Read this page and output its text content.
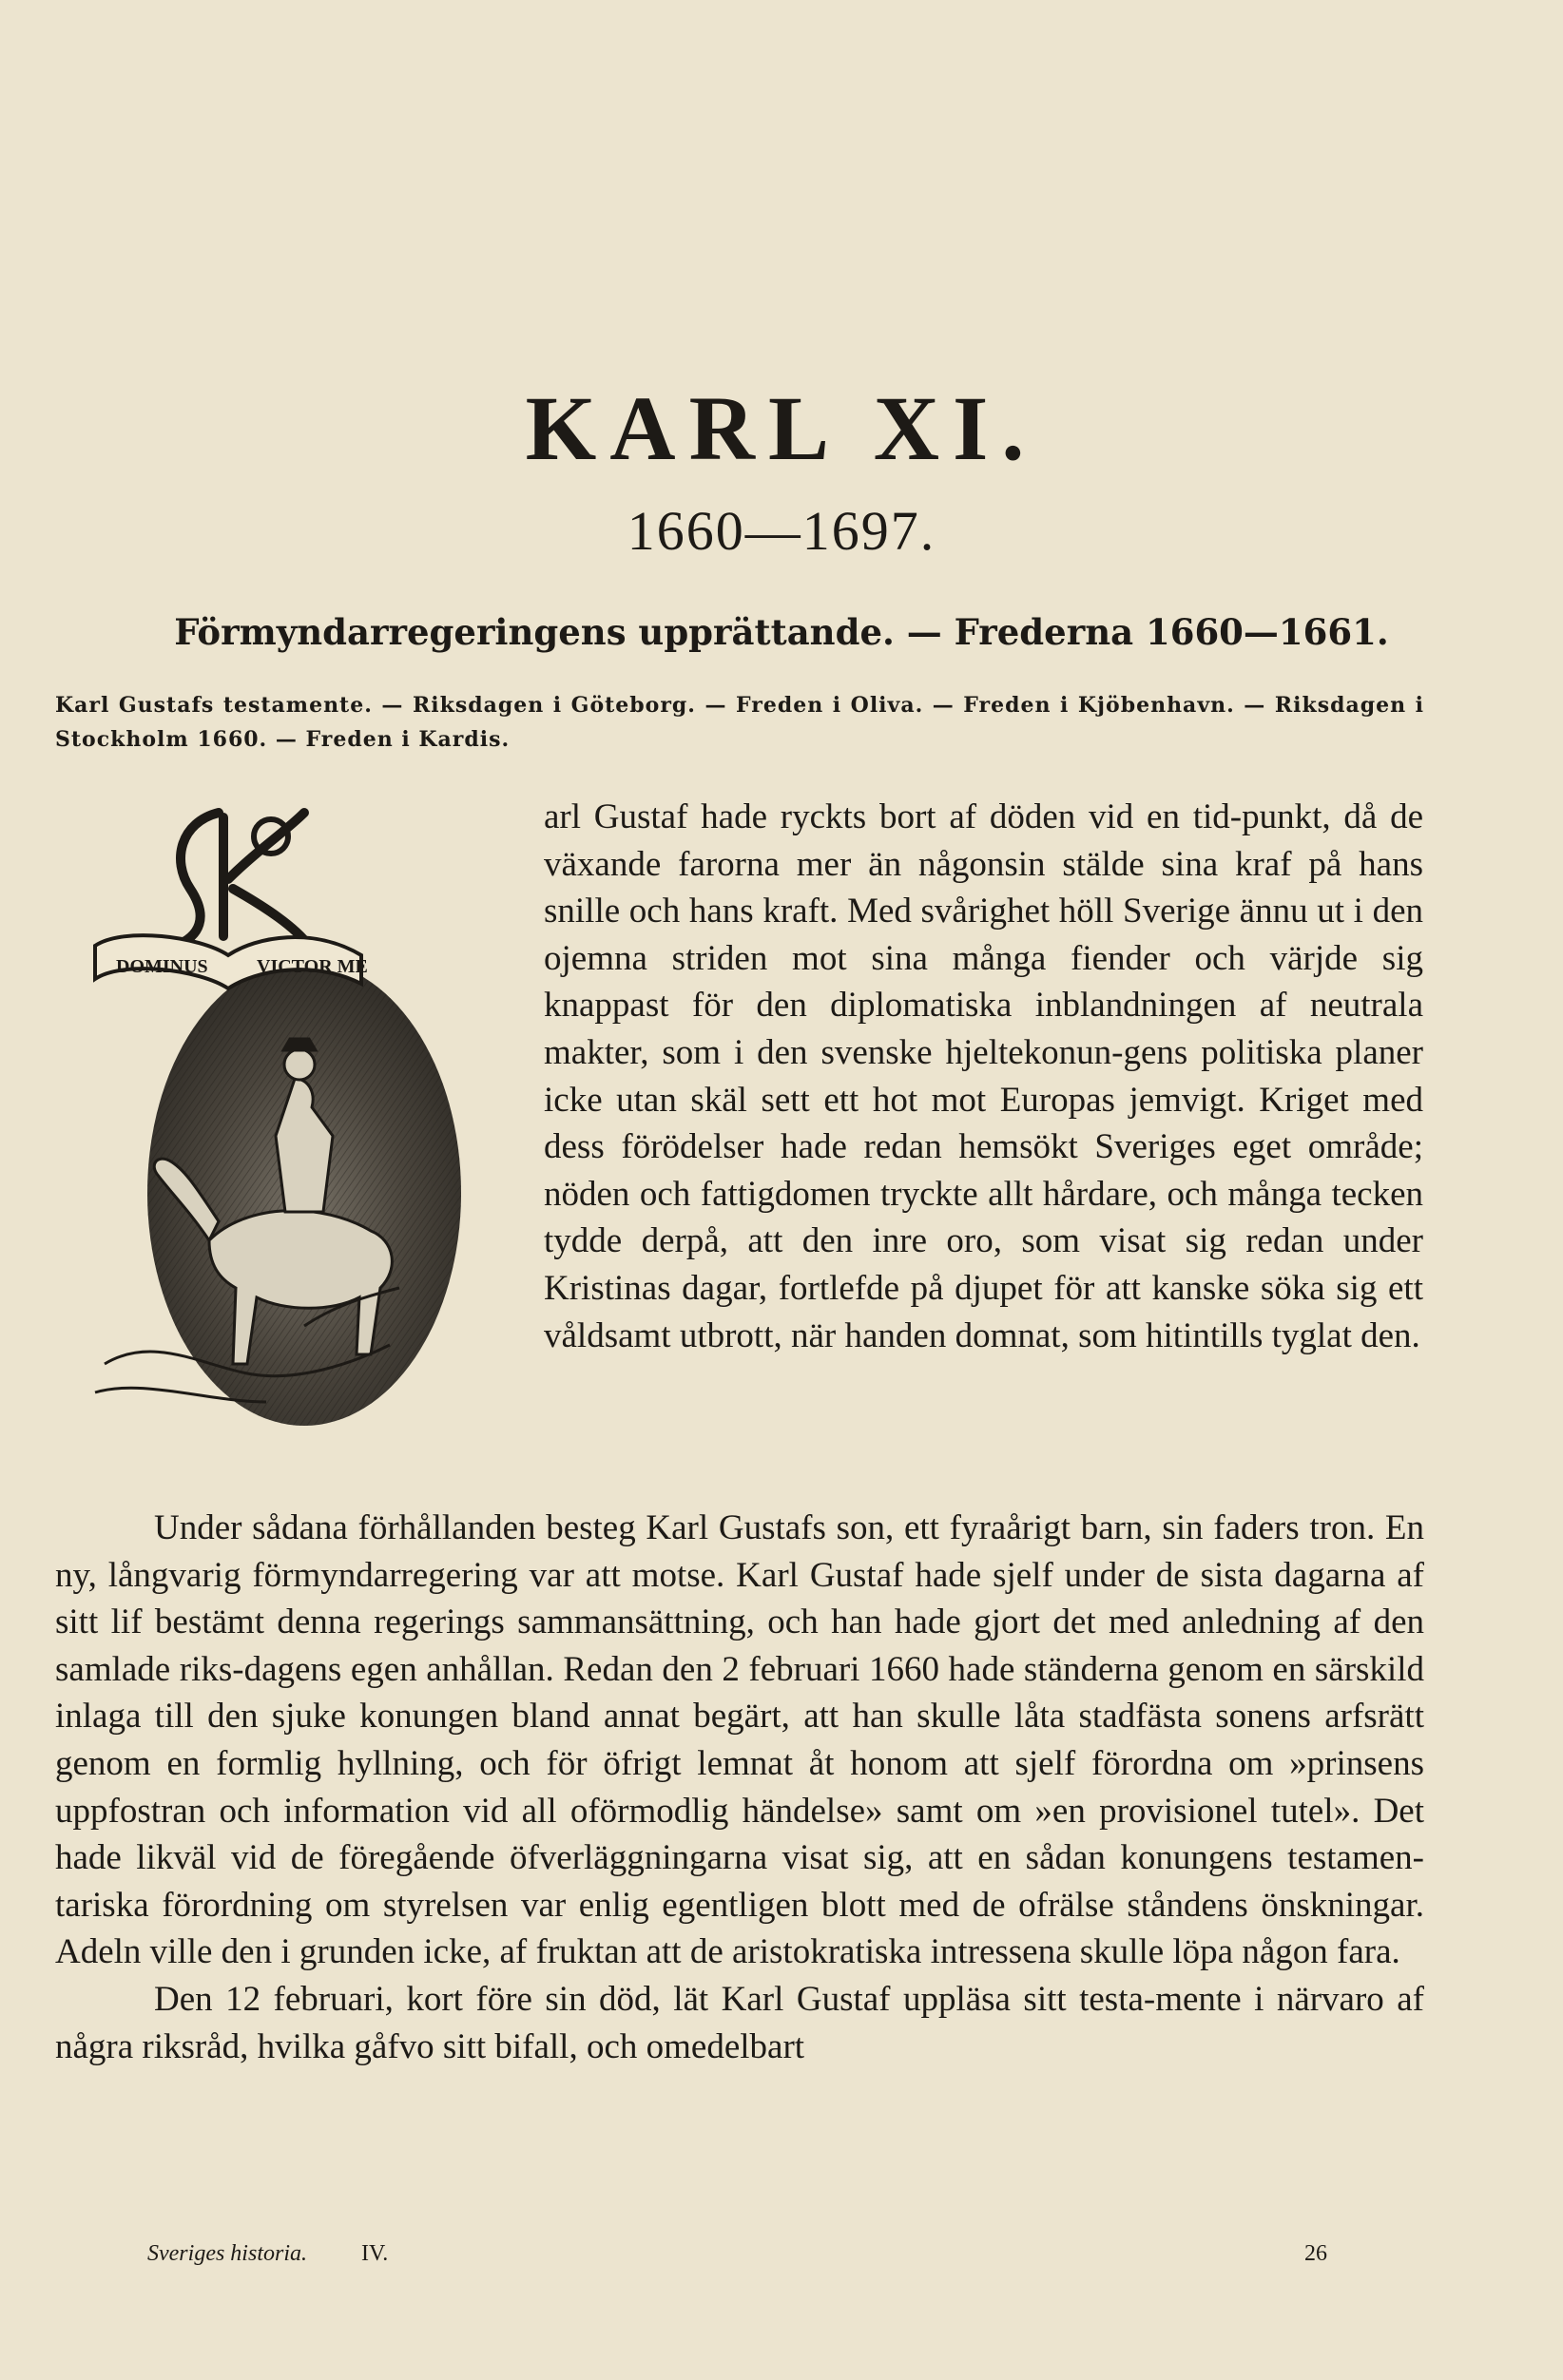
KARL XI.
1660—1697.
Förmyndarregeringens upprättande. — Frederna 1660—1661.
Karl Gustafs testamente. — Riksdagen i Göteborg. — Freden i Oliva. — Freden i Kjöbenhavn. — Riksdagen i Stockholm 1660. — Freden i Kardis.
DOMINUS	VICTOR ME

arl Gustaf hade ryckts bort af döden vid en tid-punkt, då de växande farorna mer än någonsin stälde sina kraf på hans snille och hans kraft. Med svårighet höll Sverige ännu ut i den ojemna striden mot sina många fiender och värjde sig knappast för den diplomatiska inblandningen af neutrala makter, som i den svenske hjeltekonun-gens politiska planer icke utan skäl sett ett hot mot Europas jemvigt. Kriget med dess förödelser hade redan hemsökt Sveriges eget område; nöden och fattigdomen tryckte allt hårdare, och många tecken tydde derpå, att den inre oro, som visat sig redan under Kristinas dagar, fortlefde på djupet för att kanske söka sig ett våldsamt utbrott, när handen domnat, som hitintills tyglat den.

Under sådana förhållanden besteg Karl Gustafs son, ett fyraårigt barn, sin faders tron. En ny, långvarig förmyndarregering var att motse. Karl Gustaf hade sjelf under de sista dagarna af sitt lif bestämt denna regerings sammansättning, och han hade gjort det med anledning af den samlade riks-dagens egen anhållan. Redan den 2 februari 1660 hade ständerna genom en särskild inlaga till den sjuke konungen bland annat begärt, att han skulle låta stadfästa sonens arfsrätt genom en formlig hyllning, och för öfrigt lemnat åt honom att sjelf förordna om »prinsens uppfostran och information vid all oförmodlig händelse» samt om »en provisionel tutel». Det hade likväl vid de föregående öfverläggningarna visat sig, att en sådan konungens testamen-tariska förordning om styrelsen var enlig egentligen blott med de ofrälse ståndens önskningar. Adeln ville den i grunden icke, af fruktan att de aristokratiska intressena skulle löpa någon fara.

Den 12 februari, kort före sin död, lät Karl Gustaf uppläsa sitt testa-mente i närvaro af några riksråd, hvilka gåfvo sitt bifall, och omedelbart

Sveriges historia. IV.	26
